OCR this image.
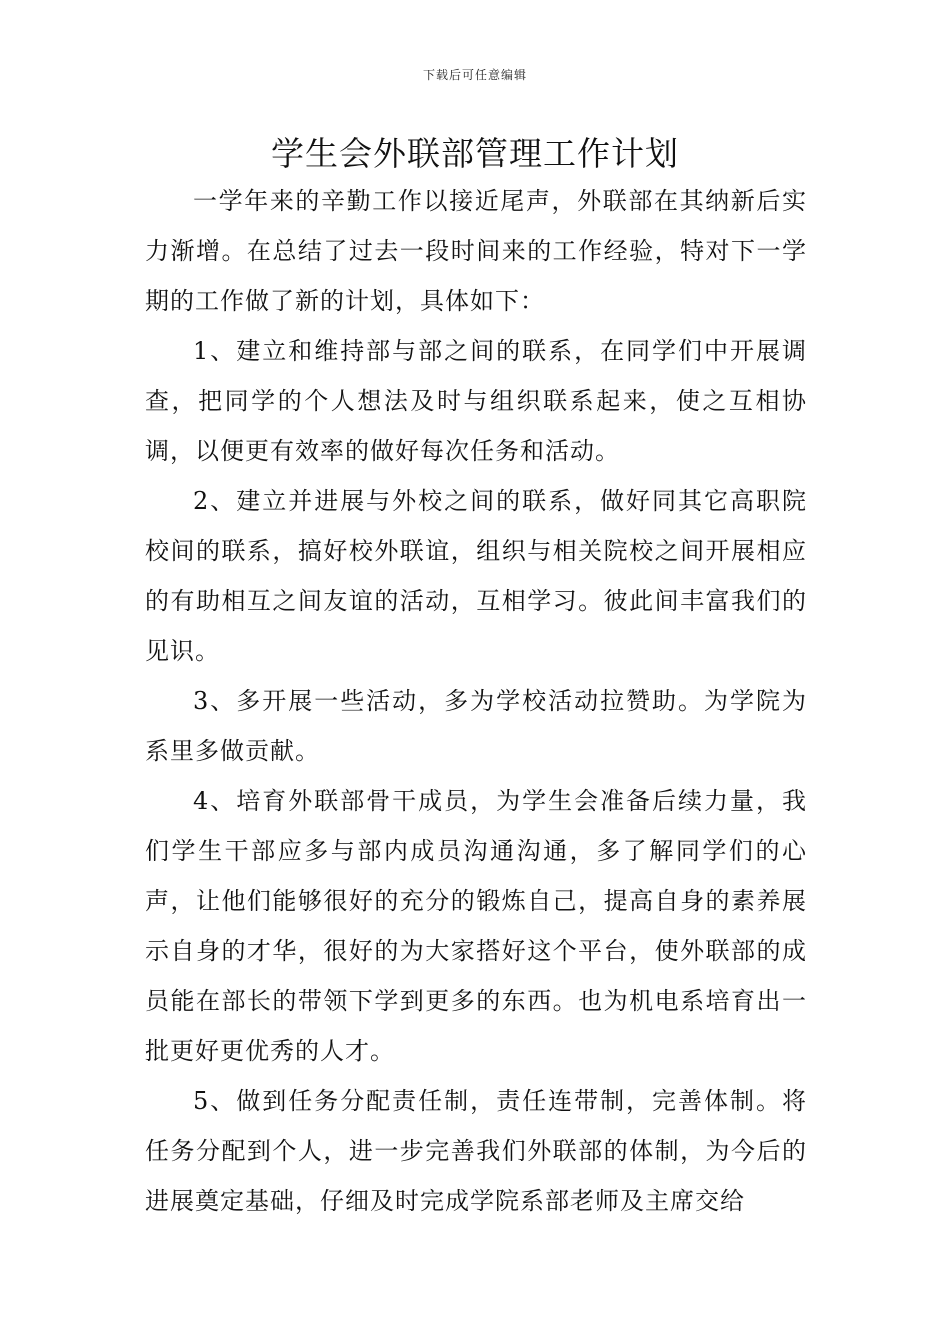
下载后可任意编辑
学生会外联部管理工作计划

一学年来的辛勤工作以接近尾声，外联部在其纳新后实力渐增。在总结了过去一段时间来的工作经验，特对下一学期的工作做了新的计划，具体如下：

1、建立和维持部与部之间的联系，在同学们中开展调查，把同学的个人想法及时与组织联系起来，使之互相协调，以便更有效率的做好每次任务和活动。

2、建立并进展与外校之间的联系，做好同其它高职院校间的联系，搞好校外联谊，组织与相关院校之间开展相应的有助相互之间友谊的活动，互相学习。彼此间丰富我们的见识。

3、多开展一些活动，多为学校活动拉赞助。为学院为系里多做贡献。

4、培育外联部骨干成员，为学生会准备后续力量，我们学生干部应多与部内成员沟通沟通，多了解同学们的心声，让他们能够很好的充分的锻炼自己，提高自身的素养展示自身的才华，很好的为大家搭好这个平台，使外联部的成员能在部长的带领下学到更多的东西。也为机电系培育出一批更好更优秀的人才。

5、做到任务分配责任制，责任连带制，完善体制。将任务分配到个人，进一步完善我们外联部的体制，为今后的进展奠定基础，仔细及时完成学院系部老师及主席交给
